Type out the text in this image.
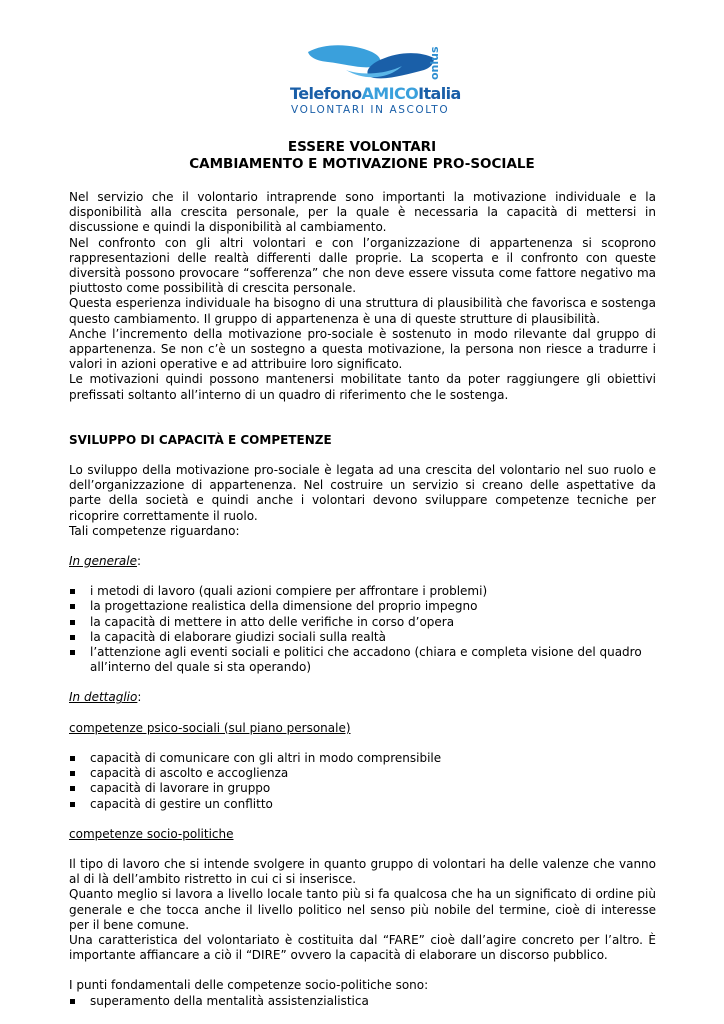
onlus
TelefonoAMICOItalia
VOLONTARI IN ASCOLTO
ESSERE VOLONTARI
CAMBIAMENTO E MOTIVAZIONE PRO-SOCIALE

Nel servizio che il volontario intraprende sono importanti la motivazione individuale e la disponibilità alla crescita personale, per la quale è necessaria la capacità di mettersi in discussione e quindi la disponibilità al cambiamento.

Nel confronto con gli altri volontari e con l’organizzazione di appartenenza si scoprono rappresentazioni delle realtà differenti dalle proprie. La scoperta e il confronto con queste diversità possono provocare “sofferenza” che non deve essere vissuta come fattore negativo ma piuttosto come possibilità di crescita personale.

Questa esperienza individuale ha bisogno di una struttura di plausibilità che favorisca e sostenga questo cambiamento. Il gruppo di appartenenza è una di queste strutture di plausibilità.

Anche l’incremento della motivazione pro-sociale è sostenuto in modo rilevante dal gruppo di appartenenza. Se non c’è un sostegno a questa motivazione, la persona non riesce a tradurre i valori in azioni operative e ad attribuire loro significato.

Le motivazioni quindi possono mantenersi mobilitate tanto da poter raggiungere gli obiettivi prefissati soltanto all’interno di un quadro di riferimento che le sostenga.

SVILUPPO DI CAPACITÀ E COMPETENZE

Lo sviluppo della motivazione pro-sociale è legata ad una crescita del volontario nel suo ruolo e dell’organizzazione di appartenenza. Nel costruire un servizio si creano delle aspettative da parte della società e quindi anche i volontari devono sviluppare competenze tecniche per ricoprire correttamente il ruolo.

Tali competenze riguardano:

In generale:

i metodi di lavoro (quali azioni compiere per affrontare i problemi)
la progettazione realistica della dimensione del proprio impegno
la capacità di mettere in atto delle verifiche in corso d’opera
la capacità di elaborare giudizi sociali sulla realtà
l’attenzione agli eventi sociali e politici che accadono (chiara e completa visione del quadro all’interno del quale si sta operando)

In dettaglio:

competenze psico-sociali (sul piano personale)

capacità di comunicare con gli altri in modo comprensibile
capacità di ascolto e accoglienza
capacità di lavorare in gruppo
capacità di gestire un conflitto

competenze socio-politiche

Il tipo di lavoro che si intende svolgere in quanto gruppo di volontari ha delle valenze che vanno al di là dell’ambito ristretto in cui ci si inserisce.

Quanto meglio si lavora a livello locale tanto più si fa qualcosa che ha un significato di ordine più generale e che tocca anche il livello politico nel senso più nobile del termine, cioè di interesse per il bene comune.

Una caratteristica del volontariato è costituita dal “FARE” cioè dall’agire concreto per l’altro. È importante affiancare a ciò il “DIRE” ovvero la capacità di elaborare un discorso pubblico.

I punti fondamentali delle competenze socio-politiche sono:

superamento della mentalità assistenzialistica
